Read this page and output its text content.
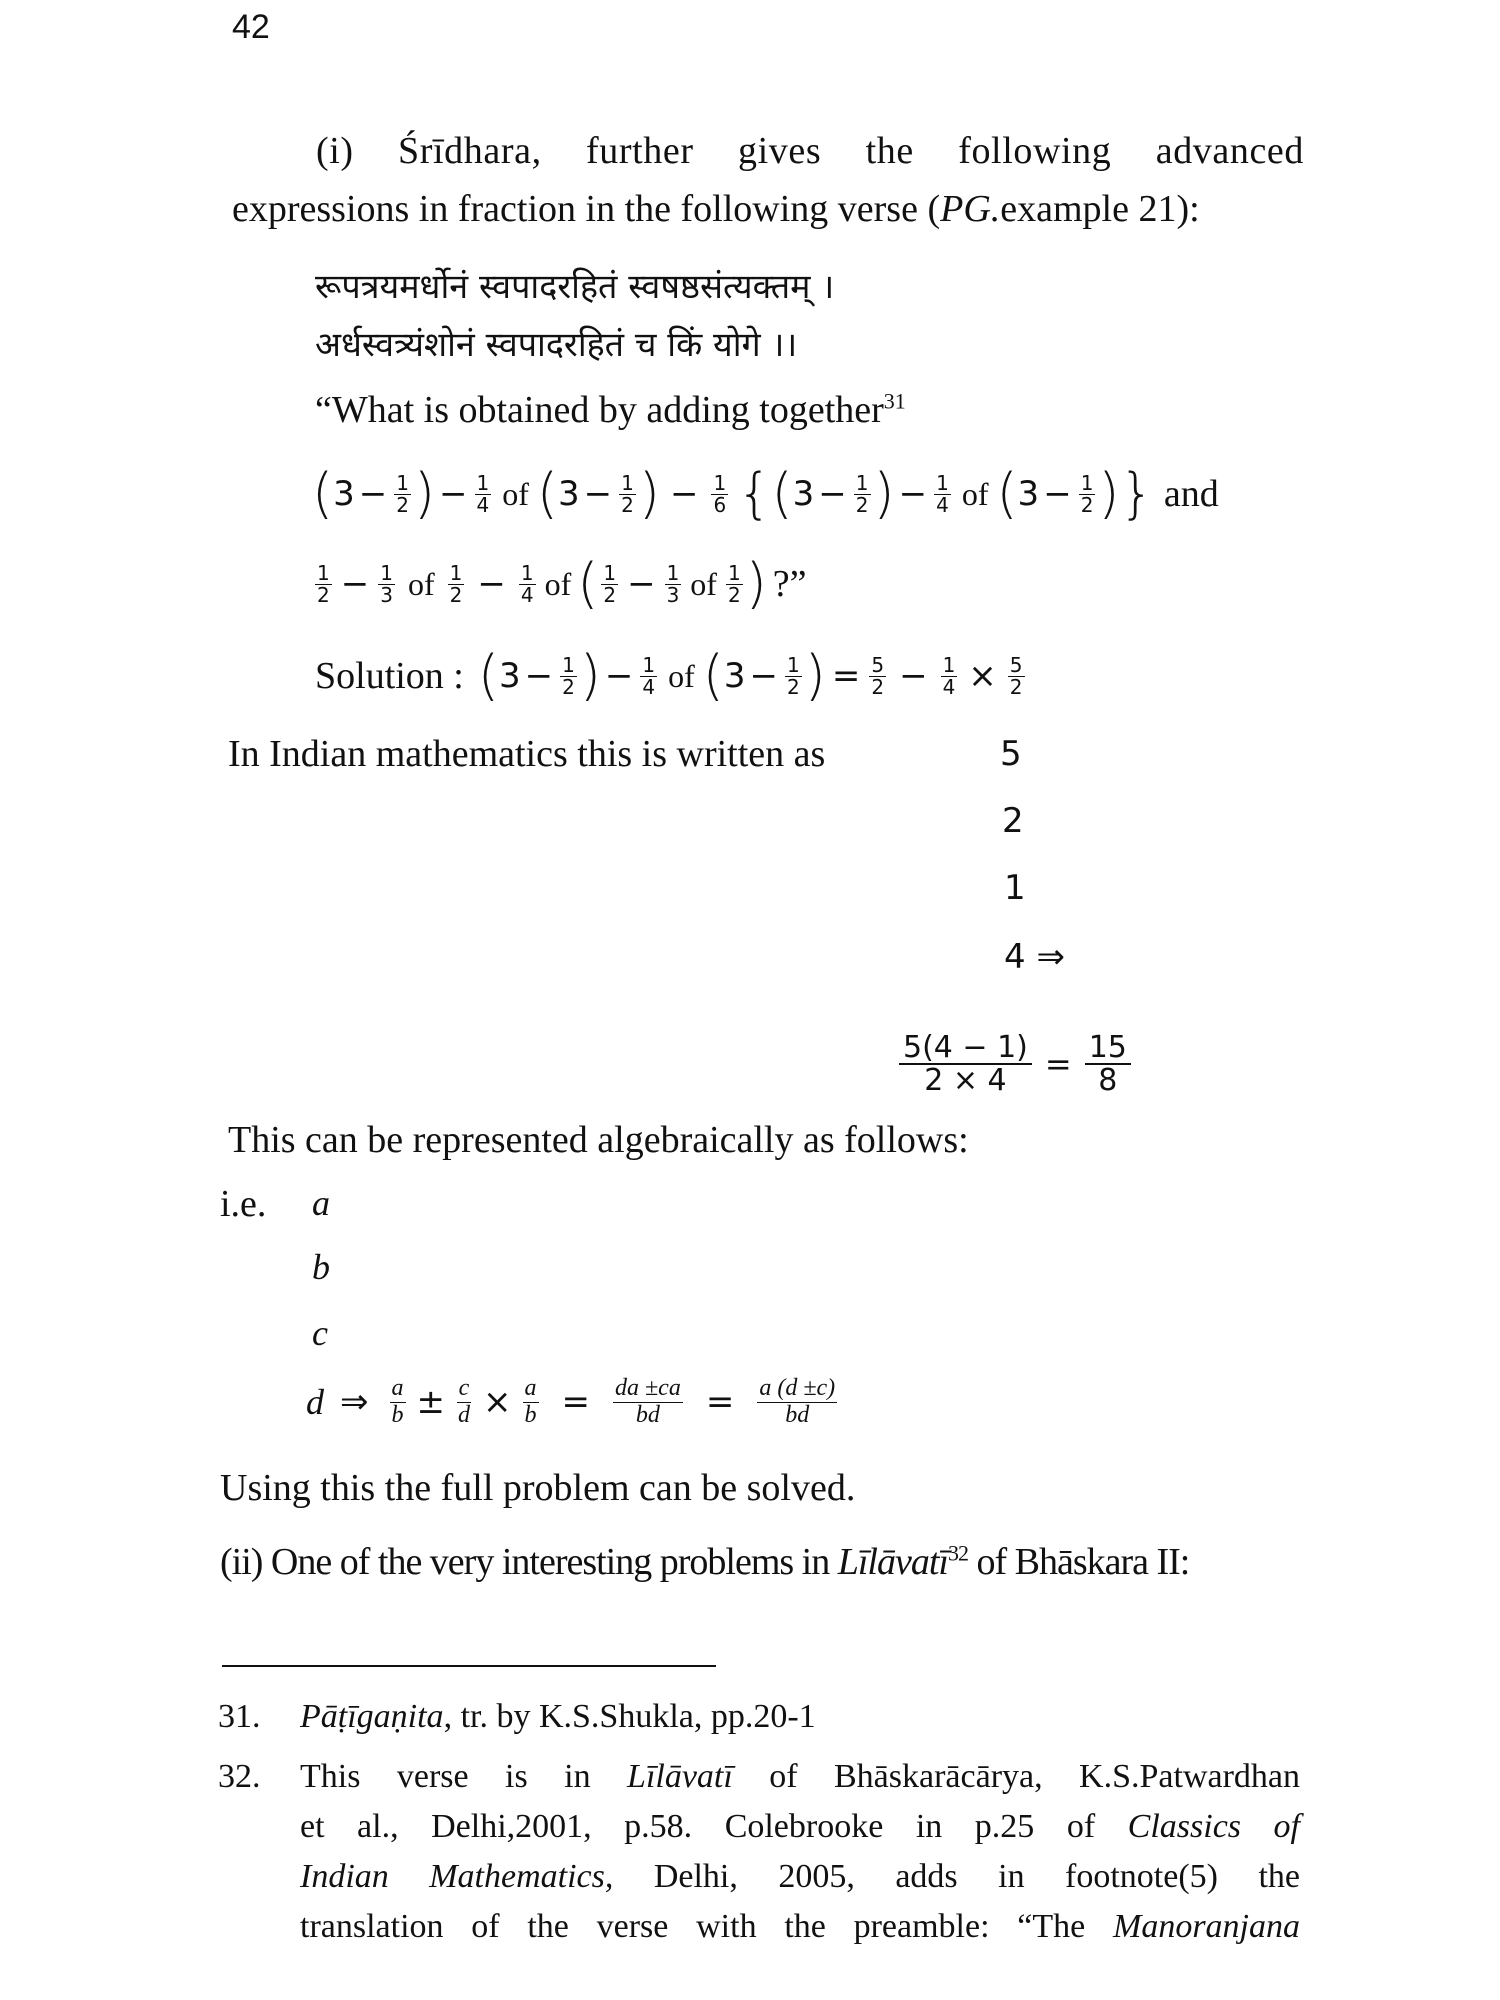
42
(i) Śrīdhara, further gives the following advanced
expressions in fraction in the following verse (PG.example 21):
रूपत्रयमर्धोनं स्वपादरहितं स्वषष्ठसंत्यक्तम् ।
अर्धस्वत्र्यंशोनं स्वपादरहितं च किं योगे ।।
“What is obtained by adding together$^{31}$
( $3 - \frac{1}{2}$ ) − $\frac{1}{4}$ of ( $3 - \frac{1}{2}$ ) − $\frac{1}{6}$ { ( $3 - \frac{1}{2}$ ) − $\frac{1}{4}$ of ( $3 - \frac{1}{2}$ ) } and
$\frac{1}{2} - \frac{1}{3}$ of $\frac{1}{2} - \frac{1}{4}$ of ( $\frac{1}{2} - \frac{1}{3}$ of $\frac{1}{2}$ ) ?”
Solution : ( $3 - \frac{1}{2}$ ) − $\frac{1}{4}$ of ( $3 - \frac{1}{2}$ ) = $\frac{5}{2} - \frac{1}{4} \times \frac{5}{2}$
In Indian mathematics this is written as	5
2
1
4 ⇒
$\frac{5(4 - 1)}{2 \times 4} = \frac{15}{8}$
This can be represented algebraically as follows:
i.e. a
b
c
d ⇒ $\frac{a}{b} \pm \frac{c}{d} \times \frac{a}{b} = \frac{da \pm ca}{bd} = \frac{a (d \pm c)}{bd}$
Using this the full problem can be solved.
(ii) One of the very interesting problems in Līlāvatī$^{32}$ of Bhāskara II:
31. Pāṭīgaṇita, tr. by K.S.Shukla, pp.20-1
32. This verse is in Līlāvatī of Bhāskarācārya, K.S.Patwardhan
et al., Delhi,2001, p.58. Colebrooke in p.25 of Classics of
Indian Mathematics, Delhi, 2005, adds in footnote(5) the
translation of the verse with the preamble: “The Manoranjana
